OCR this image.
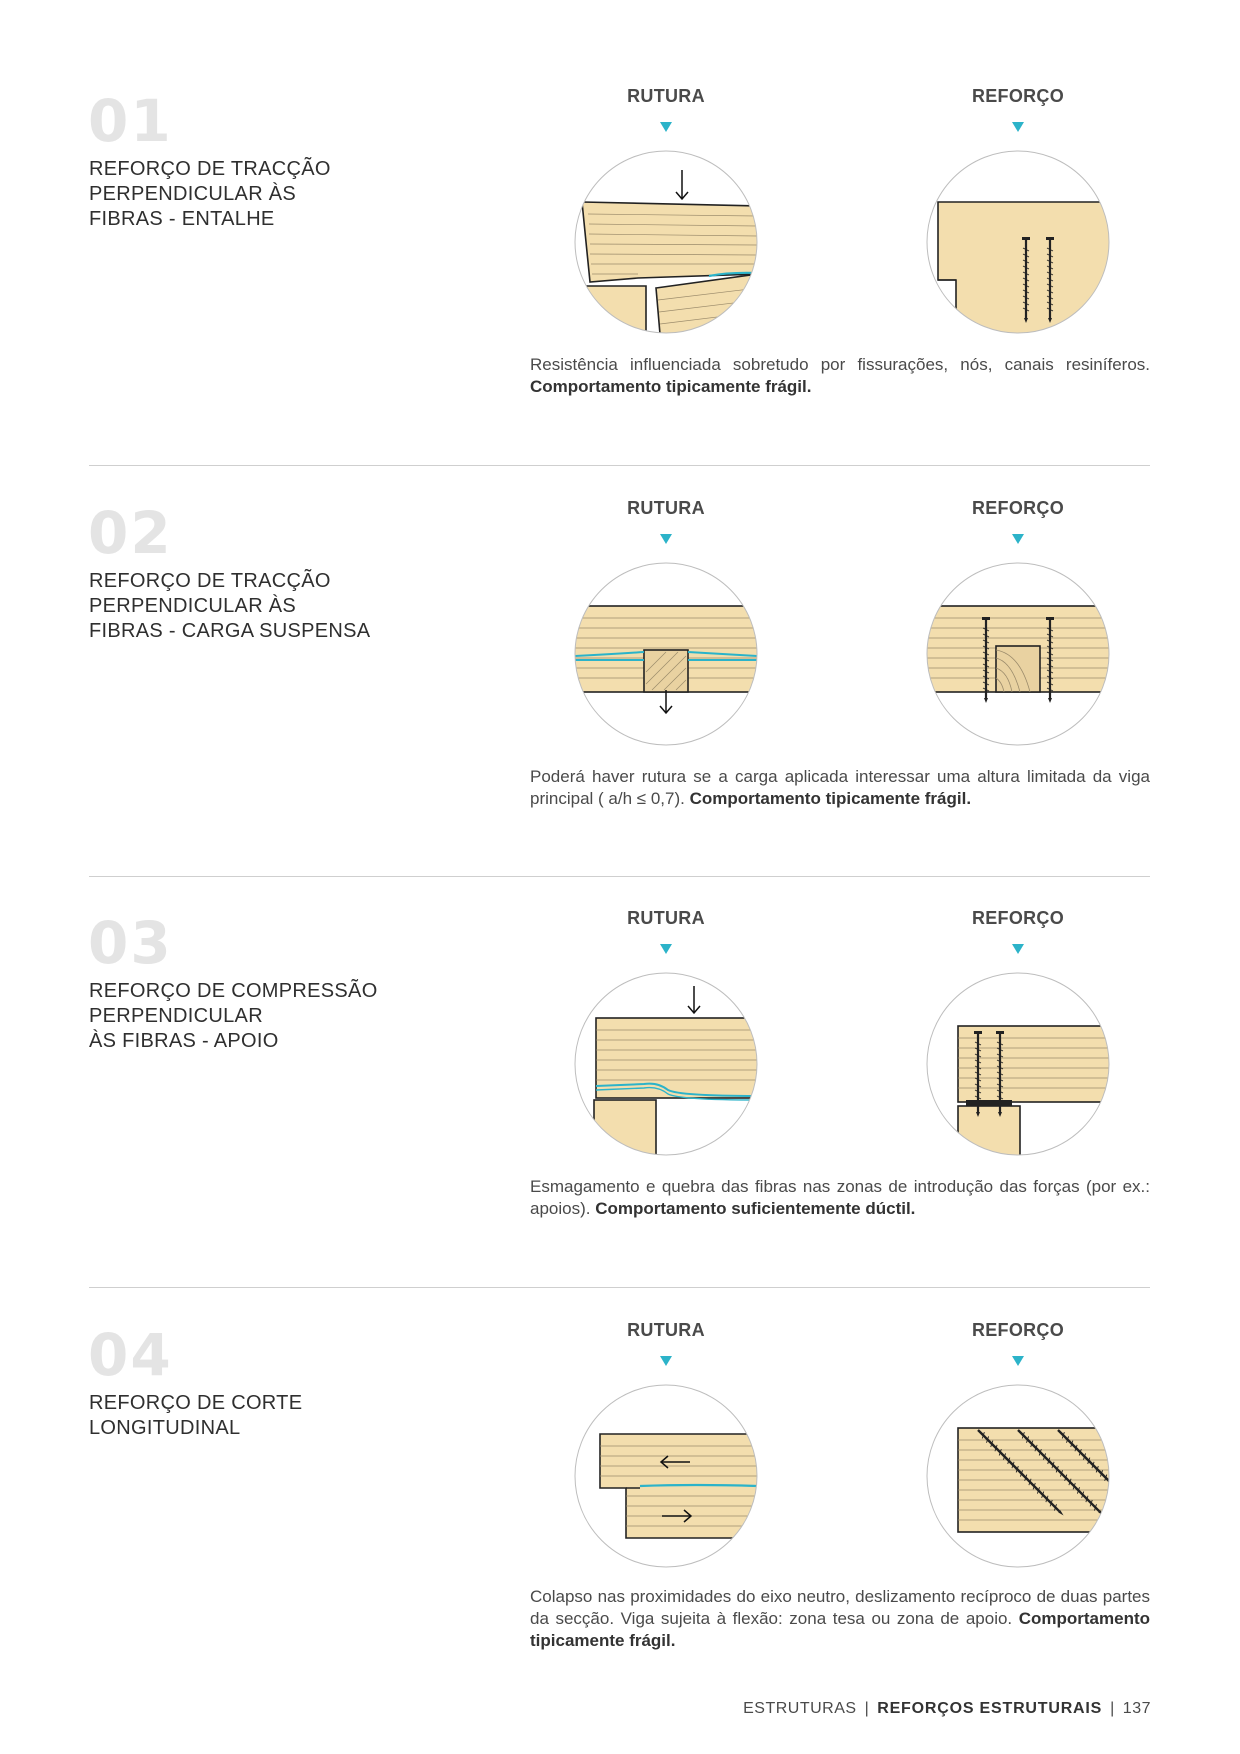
01
REFORÇO DE TRACÇÃO
PERPENDICULAR ÀS
FIBRAS - ENTALHE
RUTURA	REFORÇO

Resistência influenciada sobretudo por fissurações, nós, canais resiníferos. Comportamento tipicamente frágil.

02
REFORÇO DE TRACÇÃO
PERPENDICULAR ÀS
FIBRAS - CARGA SUSPENSA
RUTURA	REFORÇO

Poderá haver rutura se a carga aplicada interessar uma altura limitada da viga principal ( a/h ≤ 0,7). Comportamento tipicamente frágil.

03
REFORÇO DE COMPRESSÃO
PERPENDICULAR
ÀS FIBRAS - APOIO
RUTURA	REFORÇO

Esmagamento e quebra das fibras nas zonas de introdução das forças (por ex.: apoios). Comportamento suficientemente dúctil.

04
REFORÇO DE CORTE
LONGITUDINAL
RUTURA	REFORÇO

Colapso nas proximidades do eixo neutro, deslizamento recíproco de duas partes da secção. Viga sujeita à flexão: zona tesa ou zona de apoio. Comportamento tipicamente frágil.

ESTRUTURAS | REFORÇOS ESTRUTURAIS | 137
